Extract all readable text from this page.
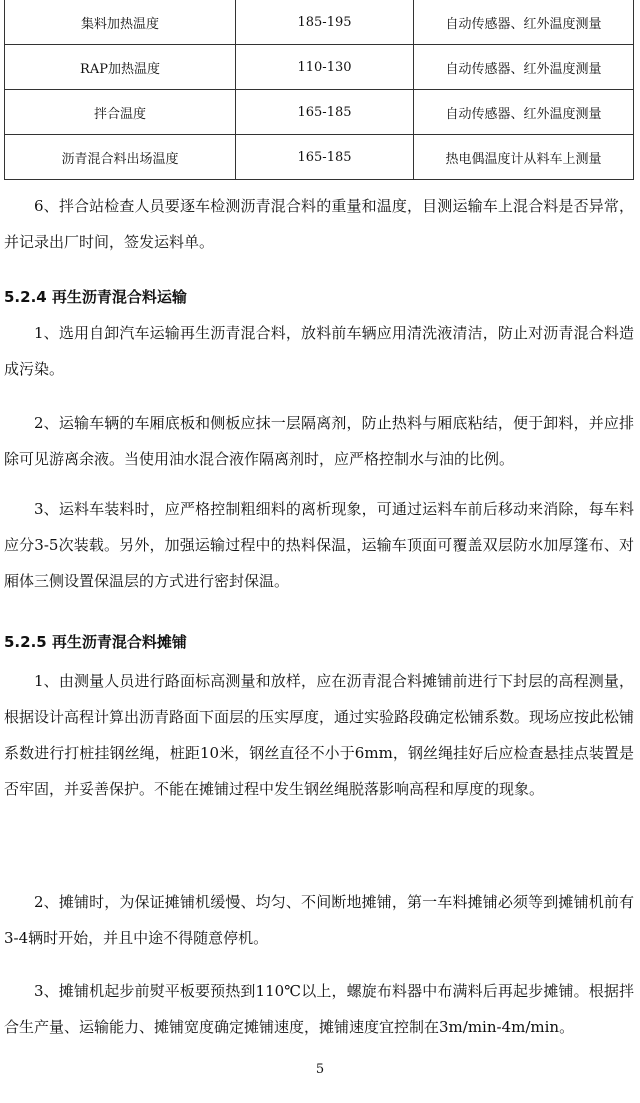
集料加热温度	185-195	自动传感器、红外温度测量
RAP加热温度	110-130	自动传感器、红外温度测量
拌合温度	165-185	自动传感器、红外温度测量
沥青混合料出场温度	165-185	热电偶温度计从料车上测量

6、拌合站检查人员要逐车检测沥青混合料的重量和温度，目测运输车上混合料是否异常，并记录出厂时间，签发运料单。

5.2.4 再生沥青混合料运输

1、选用自卸汽车运输再生沥青混合料，放料前车辆应用清洗液清洁，防止对沥青混合料造成污染。

2、运输车辆的车厢底板和侧板应抹一层隔离剂，防止热料与厢底粘结，便于卸料，并应排除可见游离余液。当使用油水混合液作隔离剂时，应严格控制水与油的比例。

3、运料车装料时，应严格控制粗细料的离析现象，可通过运料车前后移动来消除，每车料应分3-5次装载。另外，加强运输过程中的热料保温，运输车顶面可覆盖双层防水加厚篷布、对厢体三侧设置保温层的方式进行密封保温。

5.2.5 再生沥青混合料摊铺

1、由测量人员进行路面标高测量和放样，应在沥青混合料摊铺前进行下封层的高程测量，根据设计高程计算出沥青路面下面层的压实厚度，通过实验路段确定松铺系数。现场应按此松铺系数进行打桩挂钢丝绳，桩距10米，钢丝直径不小于6mm，钢丝绳挂好后应检查悬挂点装置是否牢固，并妥善保护。不能在摊铺过程中发生钢丝绳脱落影响高程和厚度的现象。

2、摊铺时，为保证摊铺机缓慢、均匀、不间断地摊铺，第一车料摊铺必须等到摊铺机前有3-4辆时开始，并且中途不得随意停机。

3、摊铺机起步前熨平板要预热到110℃以上，螺旋布料器中布满料后再起步摊铺。根据拌合生产量、运输能力、摊铺宽度确定摊铺速度，摊铺速度宜控制在3m/min-4m/min。

5
